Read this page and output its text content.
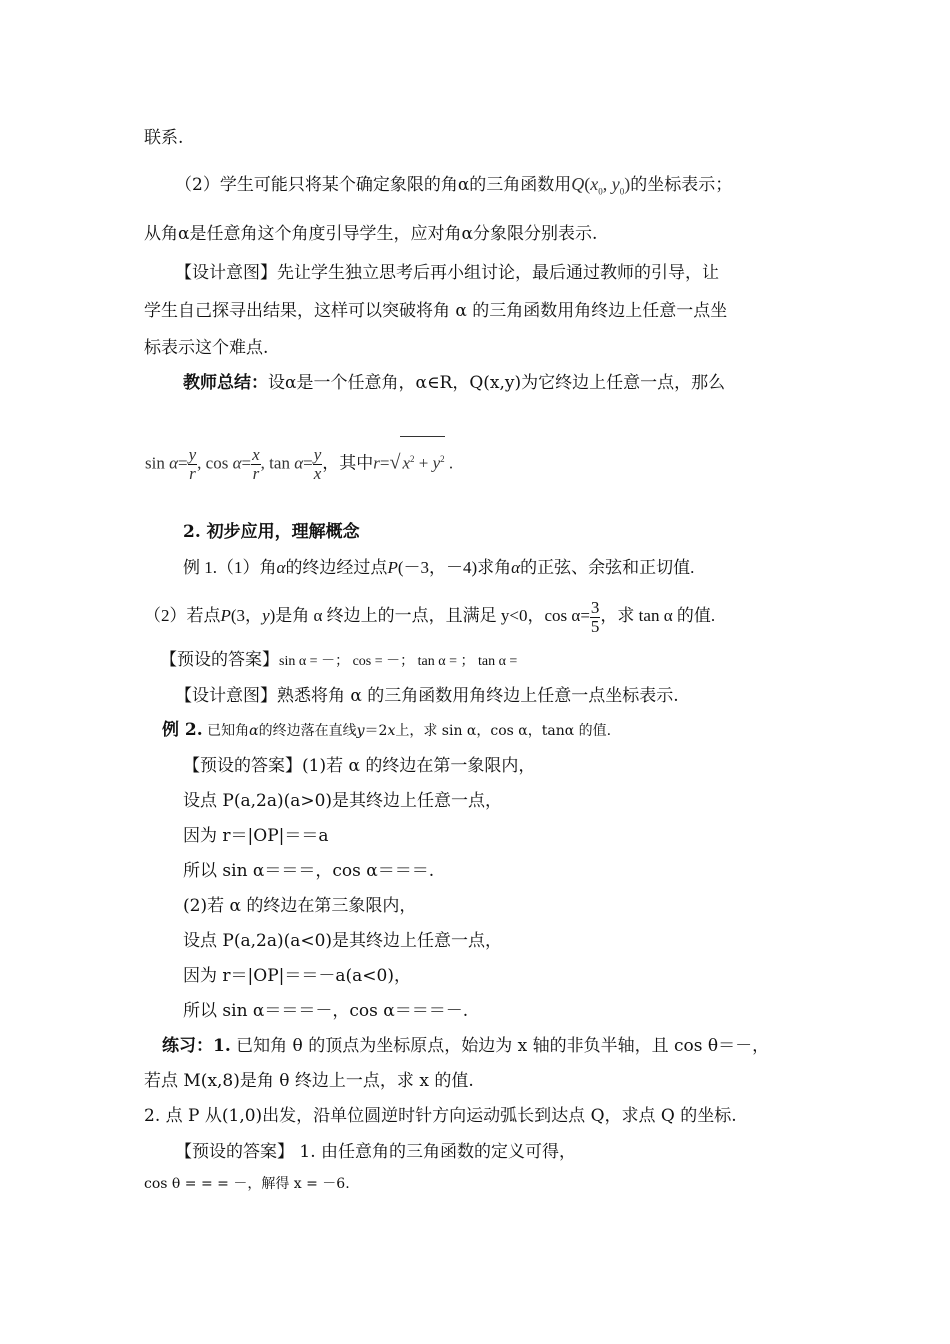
联系.
（2）学生可能只将某个确定象限的角α的三角函数用$Q(x_0$, $y_0$)的坐标表示；
从角α是任意角这个角度引导学生，应对角α分象限分别表示.
【设计意图】先让学生独立思考后再小组讨论，最后通过教师的引导，让
学生自己探寻出结果，这样可以突破将角 α 的三角函数用角终边上任意一点坐
标表示这个难点.
教师总结：设α是一个任意角，α∈R，Q(x,y)为它终边上任意一点，那么
$\sin \alpha= \frac{y}{r}$ , $\cos \alpha= \frac{x}{r}$ , $\tan \alpha= \frac{y}{x}$ ，其中r=√ $x^2 + y^2$ .
2. 初步应用，理解概念
例 1.（1）角α的终边经过点P(－3，－4)求角α的正弦、余弦和正切值.
（2）若点P(3，y)是角 α 终边上的一点，且满足 y<0，$\cos \alpha= \frac{3}{5}$ ，求 tan α 的值.
【预设的答案】sin α = －； cos = －； tan α = ； tan α =
【设计意图】熟悉将角 α 的三角函数用角终边上任意一点坐标表示.
例 2. 已知角α的终边落在直线y＝2x上，求 sin α，cos α，tanα 的值.
【预设的答案】(1)若 α 的终边在第一象限内，
设点 P(a,2a)(a>0)是其终边上任意一点，
因为 r＝|OP|＝＝a
所以 sin α＝＝＝，cos α＝＝＝.
(2)若 α 的终边在第三象限内，
设点 P(a,2a)(a<0)是其终边上任意一点，
因为 r＝|OP|＝＝－a(a<0)，
所以 sin α＝＝＝－，cos α＝＝＝－.
练习：1. 已知角 θ 的顶点为坐标原点，始边为 x 轴的非负半轴，且 cos θ＝－，
若点 M(x,8)是角 θ 终边上一点，求 x 的值.
2. 点 P 从(1,0)出发，沿单位圆逆时针方向运动弧长到达点 Q，求点 Q 的坐标.
【预设的答案】 1. 由任意角的三角函数的定义可得，
cos θ = = = －，解得 x = －6.
